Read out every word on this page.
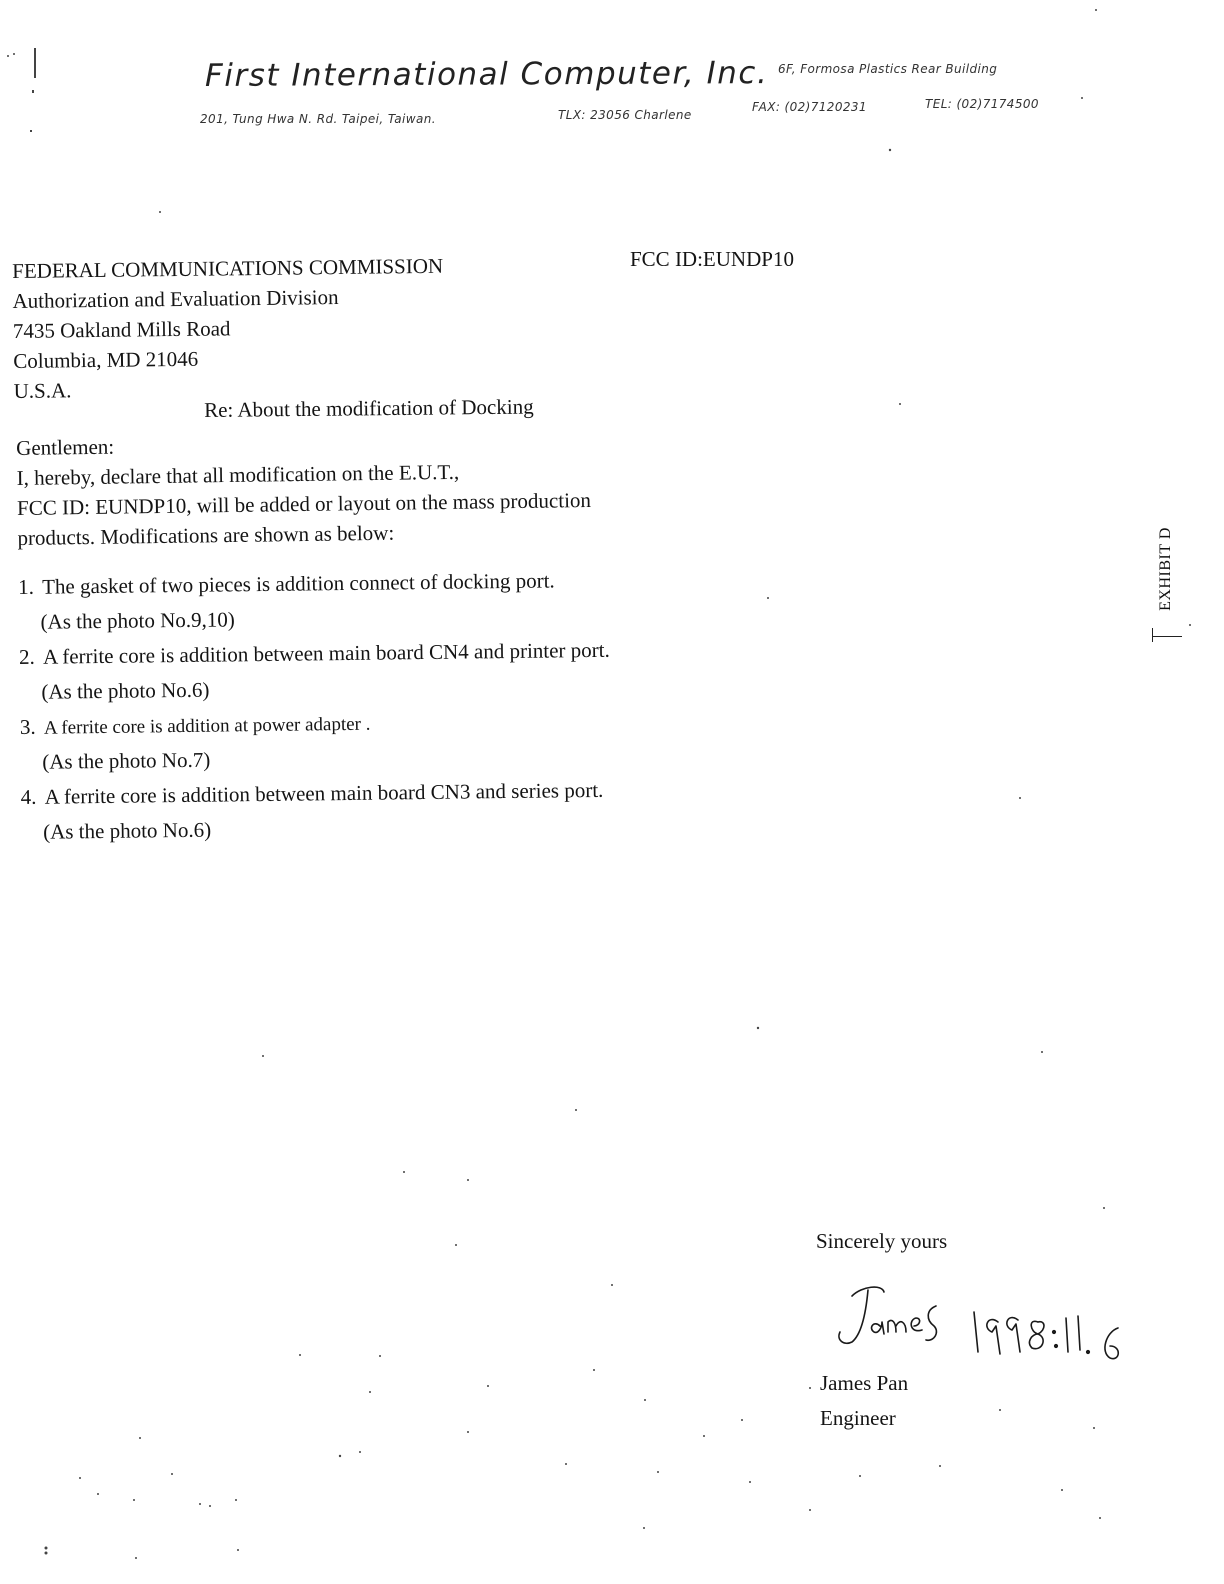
First International Computer, Inc. 6F, Formosa Plastics Rear Building
201, Tung Hwa N. Rd. Taipei, Taiwan.	TLX: 23056 Charlene
FAX: (02)7120231	TEL: (02)7174500
FEDERAL COMMUNICATIONS COMMISSION
Authorization and Evaluation Division
7435 Oakland Mills Road
Columbia, MD 21046
U.S.A.
FCC ID:EUNDP10
Re: About the modification of Docking
Gentlemen:
I, hereby, declare that all modification on the E.U.T.,
FCC ID: EUNDP10, will be added or layout on the mass production
products. Modifications are shown as below:
1. The gasket of two pieces is addition connect of docking port.
(As the photo No.9,10)
2. A ferrite core is addition between main board CN4 and printer port.
(As the photo No.6)
3. A ferrite core is addition at power adapter .
(As the photo No.7)
4. A ferrite core is addition between main board CN3 and series port.
(As the photo No.6)
EXHIBIT D
Sincerely yours
James Pan
Engineer
